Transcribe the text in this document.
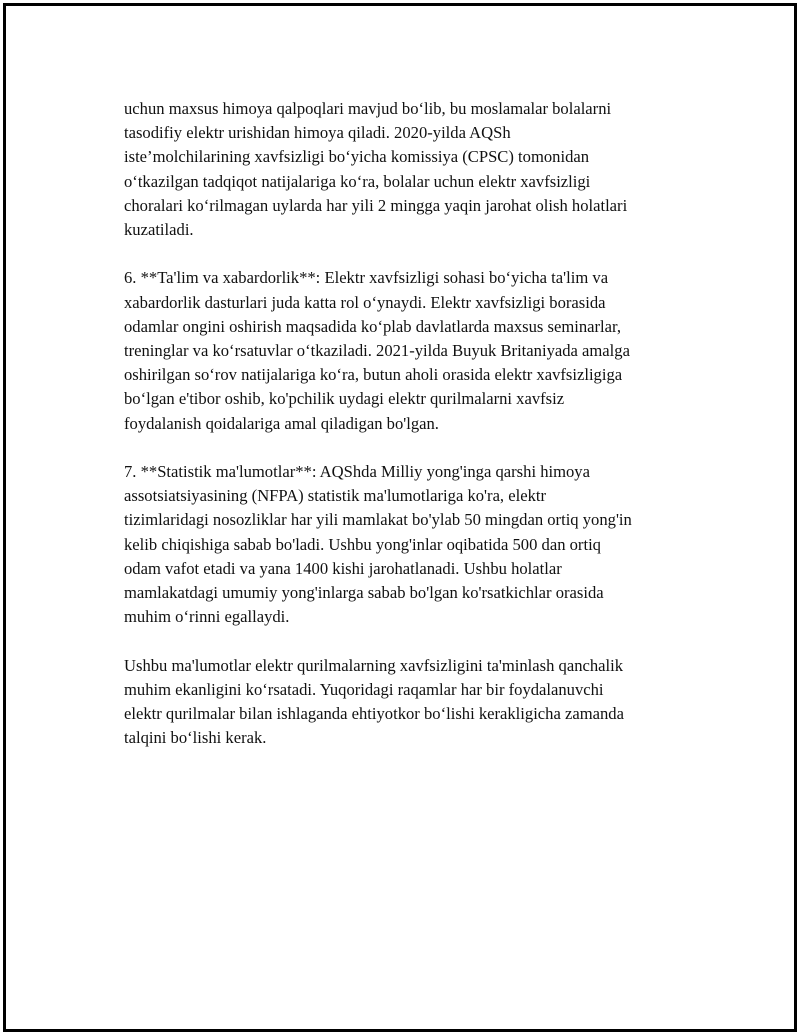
uchun maxsus himoya qalpoqlari mavjud bo‘lib, bu moslamalar bolalarni
tasodifiy elektr urishidan himoya qiladi. 2020-yilda AQSh
iste’molchilarining xavfsizligi bo‘yicha komissiya (CPSC) tomonidan
o‘tkazilgan tadqiqot natijalariga ko‘ra, bolalar uchun elektr xavfsizligi
choralari ko‘rilmagan uylarda har yili 2 mingga yaqin jarohat olish holatlari
kuzatiladi.

6. **Ta'lim va xabardorlik**: Elektr xavfsizligi sohasi bo‘yicha ta'lim va
xabardorlik dasturlari juda katta rol o‘ynaydi. Elektr xavfsizligi borasida
odamlar ongini oshirish maqsadida ko‘plab davlatlarda maxsus seminarlar,
treninglar va ko‘rsatuvlar o‘tkaziladi. 2021-yilda Buyuk Britaniyada amalga
oshirilgan so‘rov natijalariga ko‘ra, butun aholi orasida elektr xavfsizligiga
bo‘lgan e'tibor oshib, ko'pchilik uydagi elektr qurilmalarni xavfsiz
foydalanish qoidalariga amal qiladigan bo'lgan.

7. **Statistik ma'lumotlar**: AQShda Milliy yong'inga qarshi himoya
assotsiatsiyasining (NFPA) statistik ma'lumotlariga ko'ra, elektr
tizimlaridagi nosozliklar har yili mamlakat bo'ylab 50 mingdan ortiq yong'in
kelib chiqishiga sabab bo'ladi. Ushbu yong'inlar oqibatida 500 dan ortiq
odam vafot etadi va yana 1400 kishi jarohatlanadi. Ushbu holatlar
mamlakatdagi umumiy yong'inlarga sabab bo'lgan ko'rsatkichlar orasida
muhim o‘rinni egallaydi.

Ushbu ma'lumotlar elektr qurilmalarning xavfsizligini ta'minlash qanchalik
muhim ekanligini ko‘rsatadi. Yuqoridagi raqamlar har bir foydalanuvchi
elektr qurilmalar bilan ishlaganda ehtiyotkor bo‘lishi kerakligicha zamanda
talqini bo‘lishi kerak.
